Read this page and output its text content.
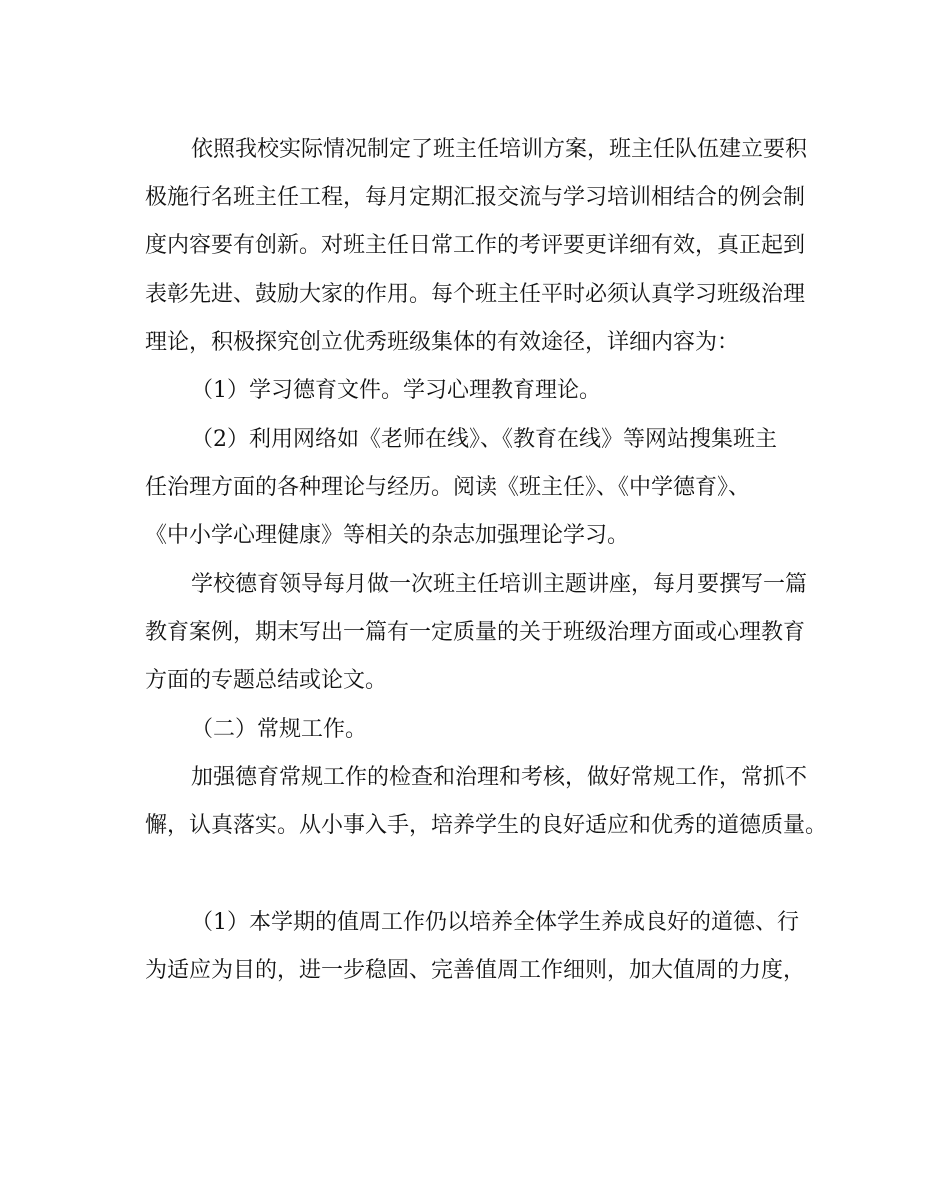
依照我校实际情况制定了班主任培训方案，班主任队伍建立要积
极施行名班主任工程，每月定期汇报交流与学习培训相结合的例会制
度内容要有创新。对班主任日常工作的考评要更详细有效，真正起到
表彰先进、鼓励大家的作用。每个班主任平时必须认真学习班级治理
理论，积极探究创立优秀班级集体的有效途径，详细内容为：
（1）学习德育文件。学习心理教育理论。
（2）利用网络如《老师在线》、《教育在线》等网站搜集班主
任治理方面的各种理论与经历。阅读《班主任》、《中学德育》、
《中小学心理健康》等相关的杂志加强理论学习。
学校德育领导每月做一次班主任培训主题讲座，每月要撰写一篇
教育案例，期末写出一篇有一定质量的关于班级治理方面或心理教育
方面的专题总结或论文。
（二）常规工作。
加强德育常规工作的检查和治理和考核，做好常规工作，常抓不
懈，认真落实。从小事入手，培养学生的良好适应和优秀的道德质量。
（1）本学期的值周工作仍以培养全体学生养成良好的道德、行
为适应为目的，进一步稳固、完善值周工作细则，加大值周的力度，
